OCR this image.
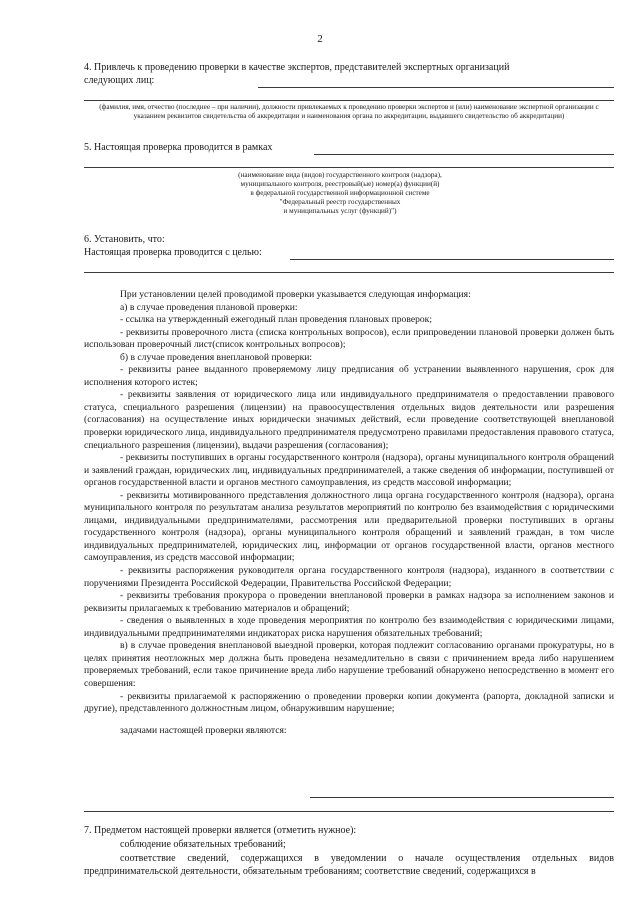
2
4. Привлечь к проведению проверки в качестве экспертов, представителей экспертных организаций
следующих лиц:
(фамилия, имя, отчество (последнее – при наличии), должности привлекаемых к проведению проверки экспертов и (или) наименование экспертной организации с указанием реквизитов свидетельства об аккредитации и наименования органа по аккредитации, выдавшего свидетельство об аккредитации)
5. Настоящая проверка проводится в рамках
(наименование вида (видов) государственного контроля (надзора),
муниципального контроля, реестровый(ые) номер(а) функции(й)
в федеральной государственной информационной системе
"Федеральный реестр государственных
и муниципальных услуг (функций)")
6. Установить, что:
Настоящая проверка проводится с целью:

При установлении целей проводимой проверки указывается следующая информация:

а) в случае проведения плановой проверки:

- ссылка на утвержденный ежегодный план проведения плановых проверок;

- реквизиты проверочного листа (списка контрольных вопросов), если припроведении плановой проверки должен быть использован проверочный лист(список контрольных вопросов);

б) в случае проведения внеплановой проверки:

- реквизиты ранее выданного проверяемому лицу предписания об устранении выявленного нарушения, срок для исполнения которого истек;

- реквизиты заявления от юридического лица или индивидуального предпринимателя о предоставлении правового статуса, специального разрешения (лицензии) на правоосуществления отдельных видов деятельности или разрешения (согласования) на осуществление иных юридически значимых действий, если проведение соответствующей внеплановой проверки юридического лица, индивидуального предпринимателя предусмотрено правилами предоставления правового статуса, специального разрешения (лицензии), выдачи разрешения (согласования);

- реквизиты поступивших в органы государственного контроля (надзора), органы муниципального контроля обращений и заявлений граждан, юридических лиц, индивидуальных предпринимателей, а также сведения об информации, поступившей от органов государственной власти и органов местного самоуправления, из средств массовой информации;

- реквизиты мотивированного представления должностного лица органа государственного контроля (надзора), органа муниципального контроля по результатам анализа результатов мероприятий по контролю без взаимодействия с юридическими лицами, индивидуальными предпринимателями, рассмотрения или предварительной проверки поступивших в органы государственного контроля (надзора), органы муниципального контроля обращений и заявлений граждан, в том числе индивидуальных предпринимателей, юридических лиц, информации от органов государственной власти, органов местного самоуправления, из средств массовой информации;

- реквизиты распоряжения руководителя органа государственного контроля (надзора), изданного в соответствии с поручениями Президента Российской Федерации, Правительства Российской Федерации;

- реквизиты требования прокурора о проведении внеплановой проверки в рамках надзора за исполнением законов и реквизиты прилагаемых к требованию материалов и обращений;

- сведения о выявленных в ходе проведения мероприятия по контролю без взаимодействия с юридическими лицами, индивидуальными предпринимателями индикаторах риска нарушения обязательных требований;

в) в случае проведения внеплановой выездной проверки, которая подлежит согласованию органами прокуратуры, но в целях принятия неотложных мер должна быть проведена незамедлительно в связи с причинением вреда либо нарушением проверяемых требований, если такое причинение вреда либо нарушение требований обнаружено непосредственно в момент его совершения:

- реквизиты прилагаемой к распоряжению о проведении проверки копии документа (рапорта, докладной записки и другие), представленного должностным лицом, обнаружившим нарушение;

задачами настоящей проверки являются:

7. Предметом настоящей проверки является (отметить нужное):
соблюдение обязательных требований;
соответствие сведений, содержащихся в уведомлении о начале осуществления отдельных видов предпринимательской деятельности, обязательным требованиям; соответствие сведений, содержащихся в
